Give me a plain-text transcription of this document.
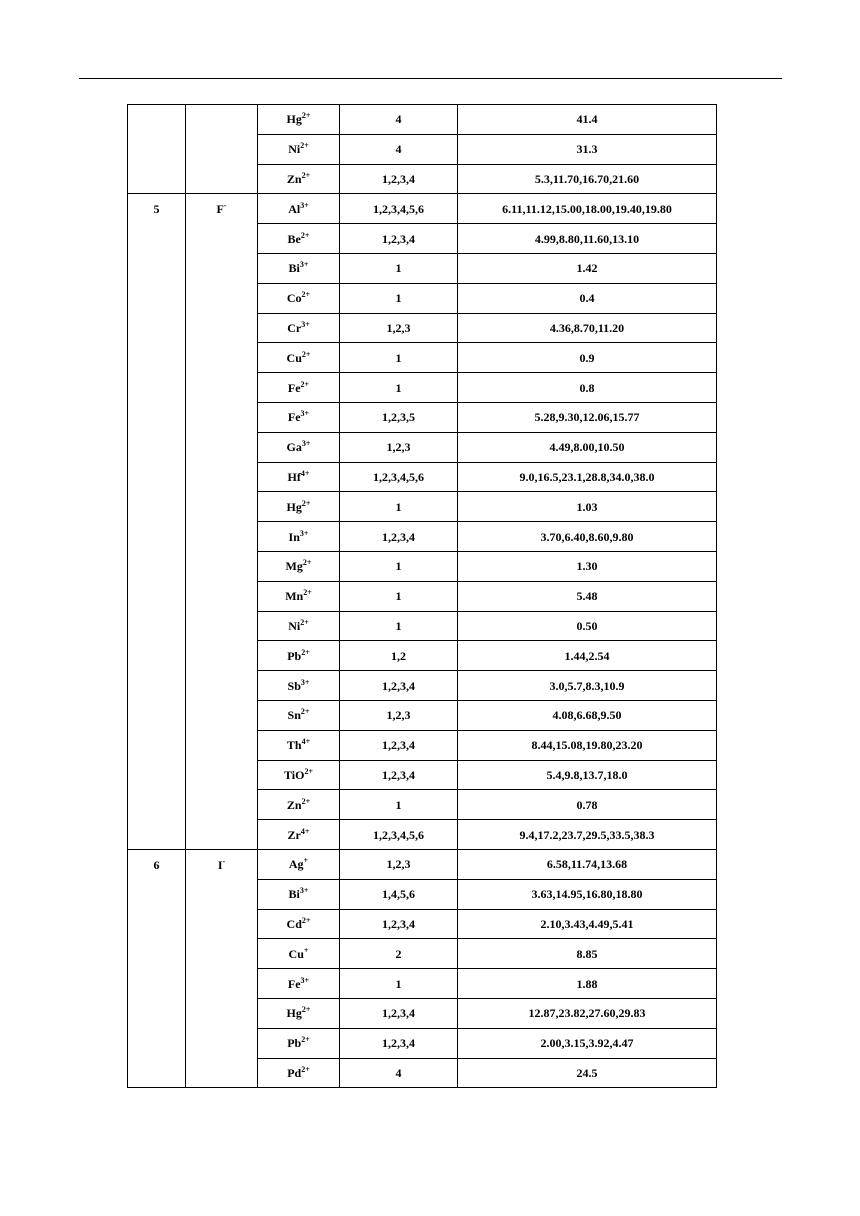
		$Hg^{2+}$	4	41.4
		$Ni^{2+}$	4	31.3
		$Zn^{2+}$	1,2,3,4	5.3,11.70,16.70,21.60
5	F-	$Al^{3+}$	1,2,3,4,5,6	6.11,11.12,15.00,18.00,19.40,19.80
		$Be^{2+}$	1,2,3,4	4.99,8.80,11.60,13.10
		$Bi^{3+}$	1	1.42
		$Co^{2+}$	1	0.4
		$Cr^{3+}$	1,2,3	4.36,8.70,11.20
		$Cu^{2+}$	1	0.9
		$Fe^{2+}$	1	0.8
		$Fe^{3+}$	1,2,3,5	5.28,9.30,12.06,15.77
		$Ga^{3+}$	1,2,3	4.49,8.00,10.50
		$Hf^{4+}$	1,2,3,4,5,6	9.0,16.5,23.1,28.8,34.0,38.0
		$Hg^{2+}$	1	1.03
		$In^{3+}$	1,2,3,4	3.70,6.40,8.60,9.80
		$Mg^{2+}$	1	1.30
		$Mn^{2+}$	1	5.48
		$Ni^{2+}$	1	0.50
		$Pb^{2+}$	1,2	1.44,2.54
		$Sb^{3+}$	1,2,3,4	3.0,5.7,8.3,10.9
		$Sn^{2+}$	1,2,3	4.08,6.68,9.50
		$Th^{4+}$	1,2,3,4	8.44,15.08,19.80,23.20
		TiO$^{2+}$	1,2,3,4	5.4,9.8,13.7,18.0
		$Zn^{2+}$	1	0.78
		$Zr^{4+}$	1,2,3,4,5,6	9.4,17.2,23.7,29.5,33.5,38.3
6	I-	Ag+	1,2,3	6.58,11.74,13.68
		$Bi^{3+}$	1,4,5,6	3.63,14.95,16.80,18.80
		$Cd^{2+}$	1,2,3,4	2.10,3.43,4.49,5.41
		Cu+	2	8.85
		$Fe^{3+}$	1	1.88
		$Hg^{2+}$	1,2,3,4	12.87,23.82,27.60,29.83
		$Pb^{2+}$	1,2,3,4	2.00,3.15,3.92,4.47
		$Pd^{2+}$	4	24.5
